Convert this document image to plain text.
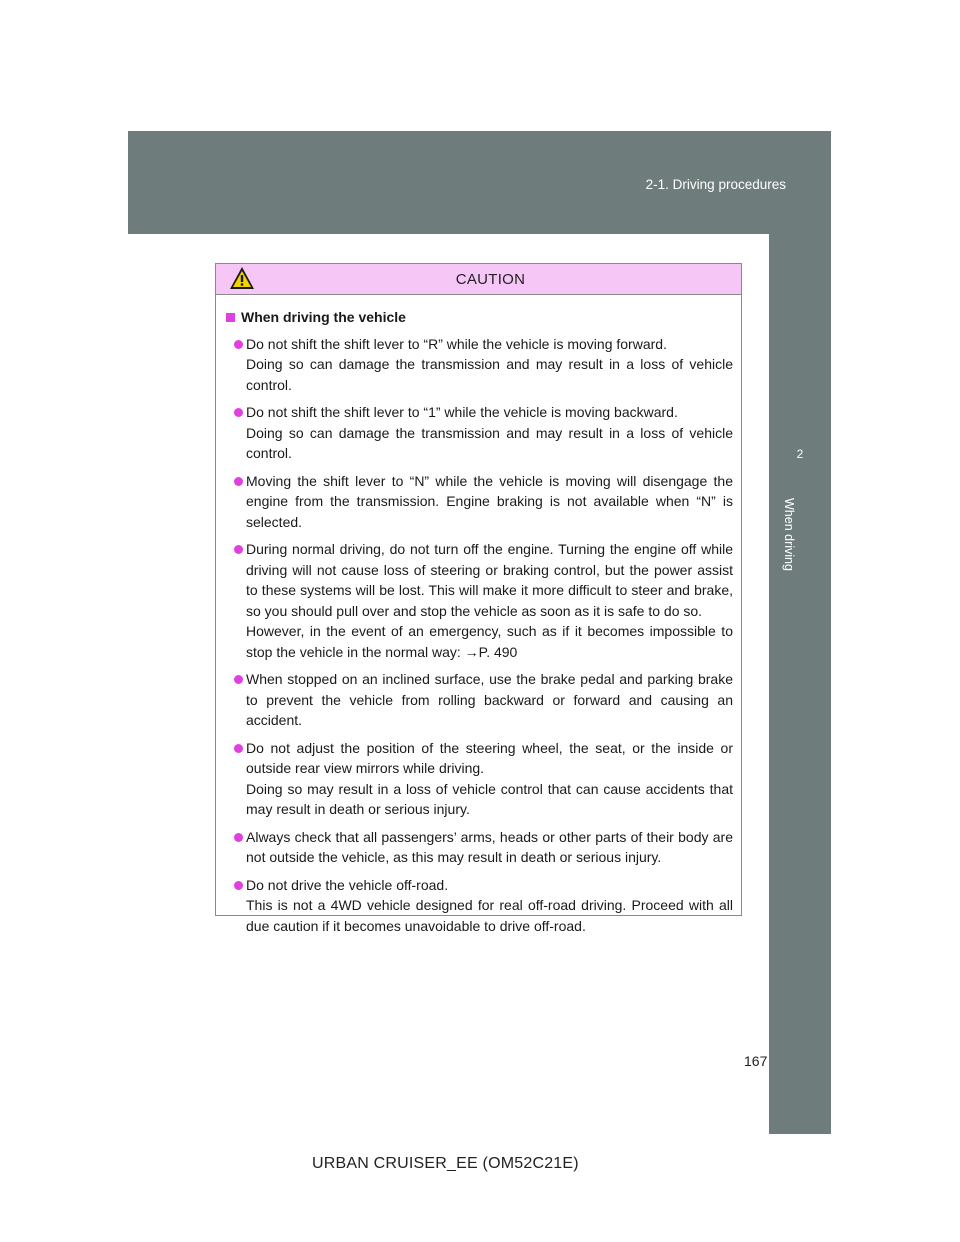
2-1. Driving procedures
2
When driving
CAUTION
When driving the vehicle
Do not shift the shift lever to “R” while the vehicle is moving forward.
Doing so can damage the transmission and may result in a loss of vehicle control.
Do not shift the shift lever to “1” while the vehicle is moving backward.
Doing so can damage the transmission and may result in a loss of vehicle control.
Moving the shift lever to “N” while the vehicle is moving will disengage the engine from the transmission. Engine braking is not available when “N” is selected.
During normal driving, do not turn off the engine. Turning the engine off while driving will not cause loss of steering or braking control, but the power assist to these systems will be lost. This will make it more difficult to steer and brake, so you should pull over and stop the vehicle as soon as it is safe to do so.
However, in the event of an emergency, such as if it becomes impossible to stop the vehicle in the normal way: →P. 490
When stopped on an inclined surface, use the brake pedal and parking brake to prevent the vehicle from rolling backward or forward and causing an accident.
Do not adjust the position of the steering wheel, the seat, or the inside or outside rear view mirrors while driving.
Doing so may result in a loss of vehicle control that can cause accidents that may result in death or serious injury.
Always check that all passengers’ arms, heads or other parts of their body are not outside the vehicle, as this may result in death or serious injury.
Do not drive the vehicle off-road.
This is not a 4WD vehicle designed for real off-road driving. Proceed with all due caution if it becomes unavoidable to drive off-road.
167
URBAN CRUISER_EE (OM52C21E)
